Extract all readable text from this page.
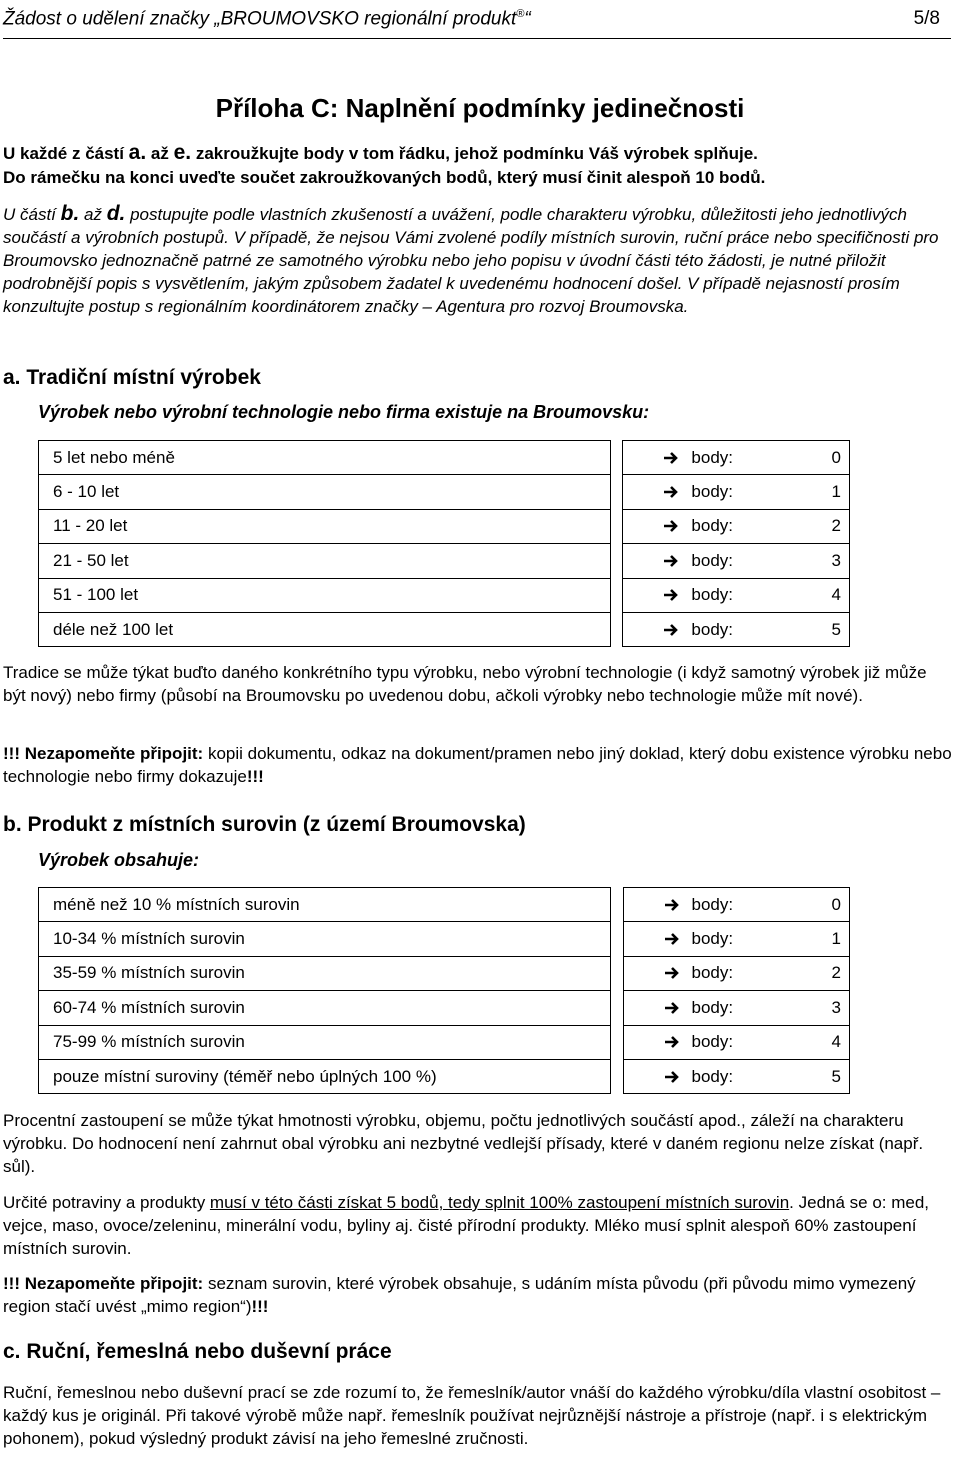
Žádost o udělení značky „BROUMOVSKO regionální produkt®“	5/8
Příloha C: Naplnění podmínky jedinečnosti
U každé z částí a. až e. zakroužkujte body v tom řádku, jehož podmínku Váš výrobek splňuje.
Do rámečku na konci uveďte součet zakroužkovaných bodů, který musí činit alespoň 10 bodů.
U částí b. až d. postupujte podle vlastních zkušeností a uvážení, podle charakteru výrobku, důležitosti jeho jednotlivých součástí a výrobních postupů. V případě, že nejsou Vámi zvolené podíly místních surovin, ruční práce nebo specifičnosti pro Broumovsko jednoznačně patrné ze samotného výrobku nebo jeho popisu v úvodní části této žádosti, je nutné přiložit podrobnější popis s vysvětlením, jakým způsobem žadatel k uvedenému hodnocení došel. V případě nejasností prosím konzultujte postup s regionálním koordinátorem značky – Agentura pro rozvoj Broumovska.
a. Tradiční místní výrobek
Výrobek nebo výrobní technologie nebo firma existuje na Broumovsku:
5 let nebo méně		body: 0

6 - 10 let		body: 1

11 - 20 let		body: 2

21 - 50 let		body: 3

51 - 100 let		body: 4

déle než 100 let		body: 5
Tradice se může týkat buďto daného konkrétního typu výrobku, nebo výrobní technologie (i když samotný výrobek již může být nový) nebo firmy (působí na Broumovsku po uvedenou dobu, ačkoli výrobky nebo technologie může mít nové).
!!! Nezapomeňte připojit: kopii dokumentu, odkaz na dokument/pramen nebo jiný doklad, který dobu existence výrobku nebo technologie nebo firmy dokazuje!!!
b. Produkt z místních surovin (z území Broumovska)
Výrobek obsahuje:
méně než 10 % místních surovin		body: 0

10-34 % místních surovin		body: 1

35-59 % místních surovin		body: 2

60-74 % místních surovin		body: 3

75-99 % místních surovin		body: 4

pouze místní suroviny (téměř nebo úplných 100 %)		body: 5
Procentní zastoupení se může týkat hmotnosti výrobku, objemu, počtu jednotlivých součástí apod., záleží na charakteru výrobku. Do hodnocení není zahrnut obal výrobku ani nezbytné vedlejší přísady, které v daném regionu nelze získat (např. sůl).
Určité potraviny a produkty musí v této části získat 5 bodů, tedy splnit 100% zastoupení místních surovin. Jedná se o: med, vejce, maso, ovoce/zeleninu, minerální vodu, byliny aj. čisté přírodní produkty. Mléko musí splnit alespoň 60% zastoupení místních surovin.
!!! Nezapomeňte připojit: seznam surovin, které výrobek obsahuje, s udáním místa původu (při původu mimo vymezený region stačí uvést „mimo region“)!!!
c. Ruční, řemeslná nebo duševní práce
Ruční, řemeslnou nebo duševní prací se zde rozumí to, že řemeslník/autor vnáší do každého výrobku/díla vlastní osobitost – každý kus je originál. Při takové výrobě může např. řemeslník používat nejrůznější nástroje a přístroje (např. i s elektrickým pohonem), pokud výsledný produkt závisí na jeho řemeslné zručnosti.
